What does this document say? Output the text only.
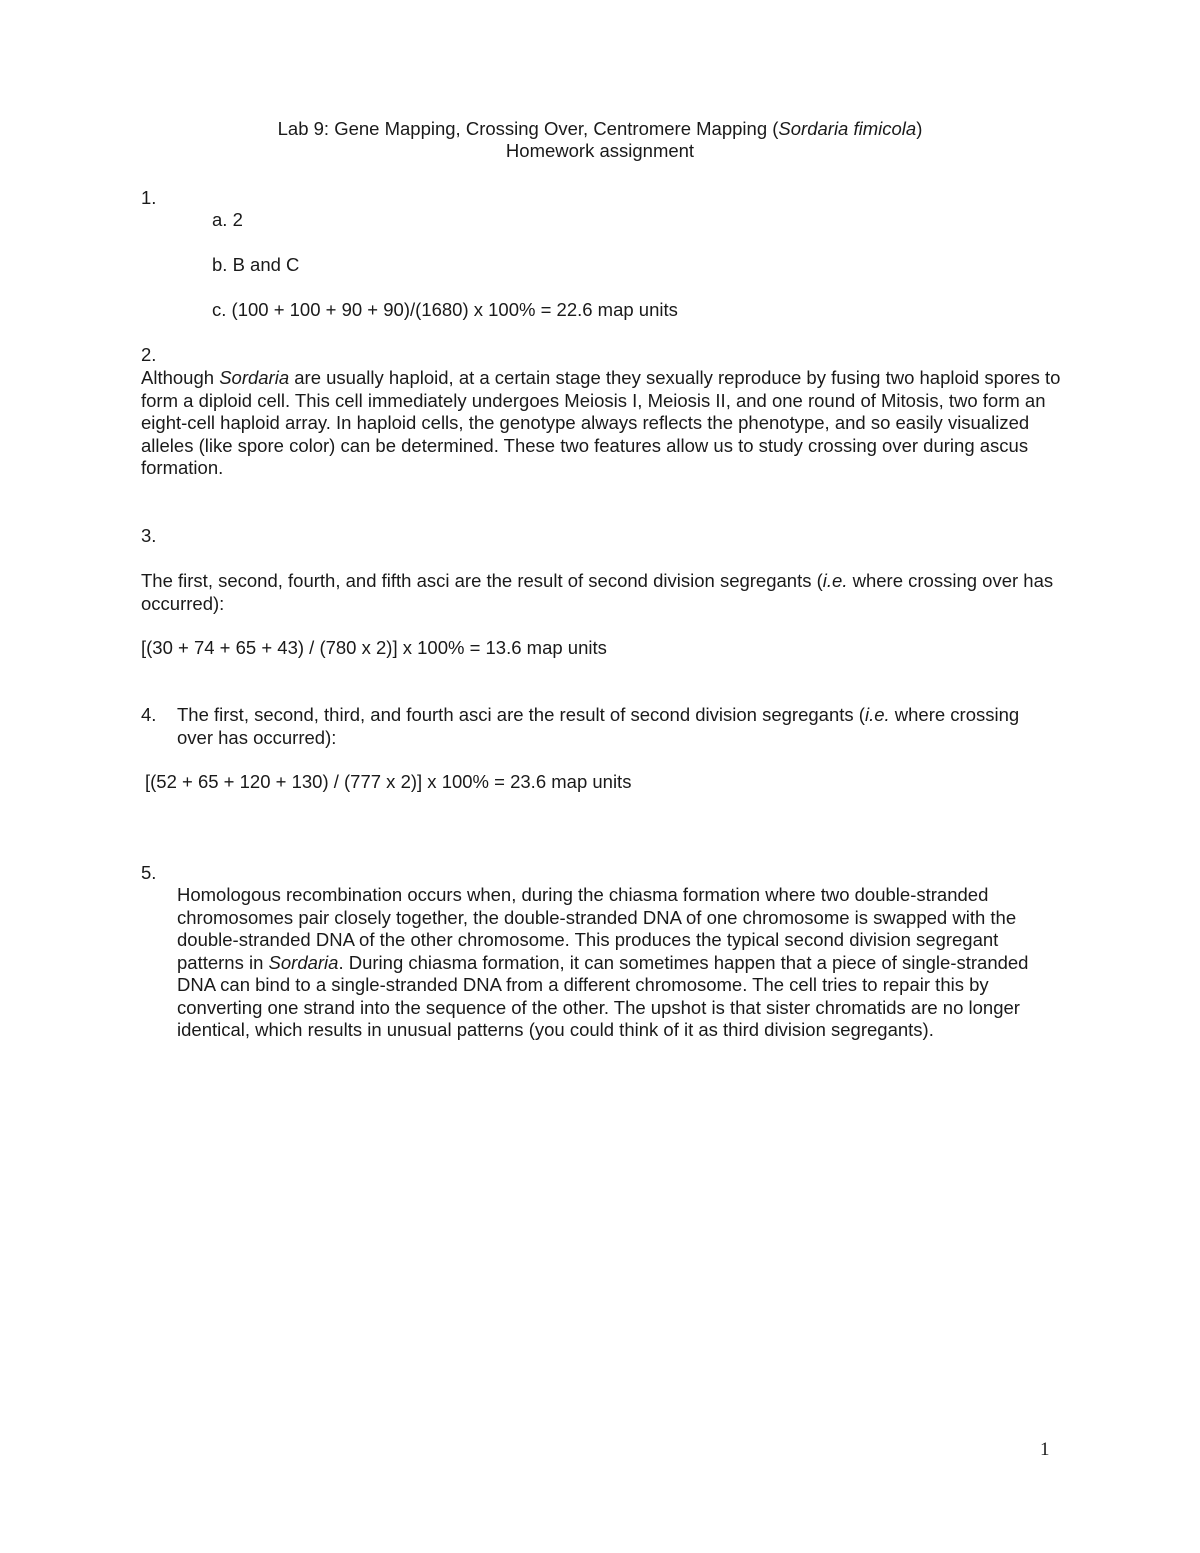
Lab 9: Gene Mapping, Crossing Over, Centromere Mapping (Sordaria fimicola)
Homework assignment
1.
a. 2
b. B and C
c. (100 + 100 + 90 + 90)/(1680) x 100% = 22.6 map units
2.
Although Sordaria are usually haploid, at a certain stage they sexually reproduce by fusing two haploid spores to form a diploid cell. This cell immediately undergoes Meiosis I, Meiosis II, and one round of Mitosis, two form an eight-cell haploid array. In haploid cells, the genotype always reflects the phenotype, and so easily visualized alleles (like spore color) can be determined. These two features allow us to study crossing over during ascus formation.
3.
The first, second, fourth, and fifth asci are the result of second division segregants (i.e. where crossing over has occurred):
[(30 + 74 + 65 + 43) / (780 x 2)] x 100% = 13.6 map units
4.	The first, second, third, and fourth asci are the result of second division segregants (i.e. where crossing over has occurred):
[(52 + 65 + 120 + 130) / (777 x 2)] x 100% = 23.6 map units
5.
Homologous recombination occurs when, during the chiasma formation where two double-stranded chromosomes pair closely together, the double-stranded DNA of one chromosome is swapped with the double-stranded DNA of the other chromosome. This produces the typical second division segregant patterns in Sordaria. During chiasma formation, it can sometimes happen that a piece of single-stranded DNA can bind to a single-stranded DNA from a different chromosome. The cell tries to repair this by converting one strand into the sequence of the other. The upshot is that sister chromatids are no longer identical, which results in unusual patterns (you could think of it as third division segregants).
1
